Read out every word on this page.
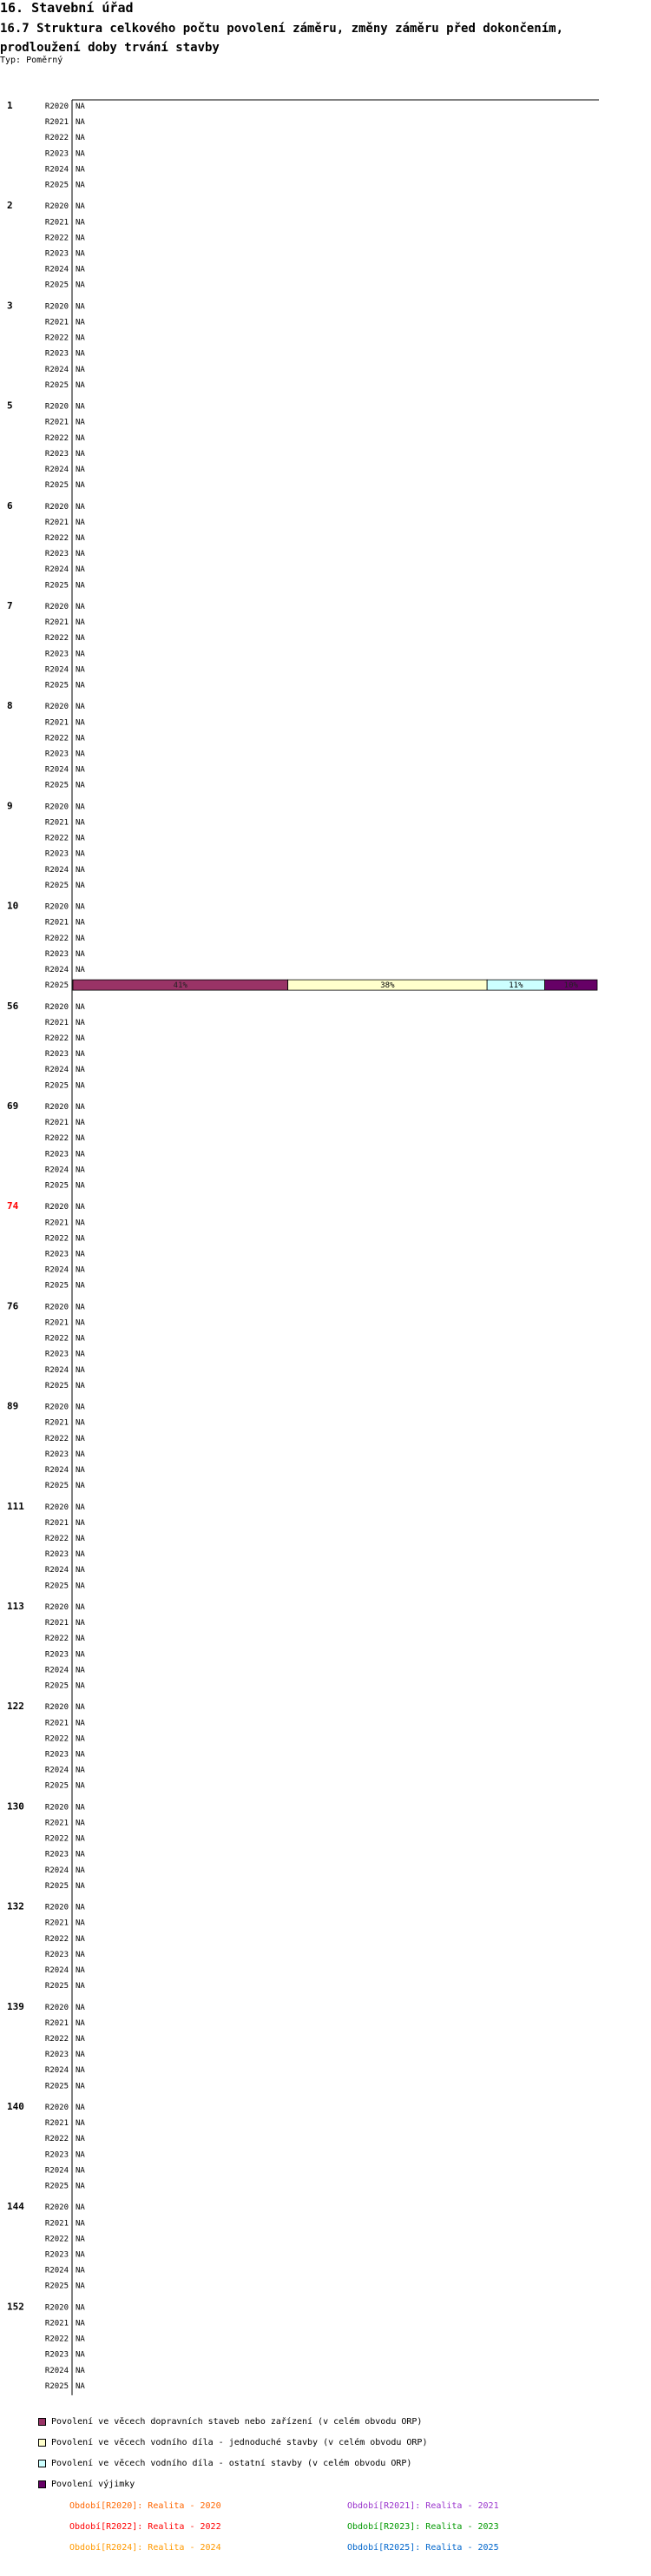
16. Stavební úřad
16.7 Struktura celkového počtu povolení záměru, změny záměru před dokončením, prodloužení doby trvání stavby
Typ: Poměrný
1	R2020 NA
R2021 NA
R2022 NA
R2023 NA
R2024 NA
R2025 NA
2	R2020 NA
R2021 NA
R2022 NA
R2023 NA
R2024 NA
R2025 NA
3	R2020 NA
R2021 NA
R2022 NA
R2023 NA
R2024 NA
R2025 NA
5	R2020 NA
R2021 NA
R2022 NA
R2023 NA
R2024 NA
R2025 NA
6	R2020 NA
R2021 NA
R2022 NA
R2023 NA
R2024 NA
R2025 NA
7	R2020 NA
R2021 NA
R2022 NA
R2023 NA
R2024 NA
R2025 NA
8	R2020 NA
R2021 NA
R2022 NA
R2023 NA
R2024 NA
R2025 NA
9	R2020 NA
R2021 NA
R2022 NA
R2023 NA
R2024 NA
R2025 NA
10	R2020 NA
R2021 NA
R2022 NA
R2023 NA
R2024 NA
R2025	41%	38%	11%	10%
56	R2020 NA
R2021 NA
R2022 NA
R2023 NA
R2024 NA
R2025 NA
69	R2020 NA
R2021 NA
R2022 NA
R2023 NA
R2024 NA
R2025 NA
74	R2020 NA
R2021 NA
R2022 NA
R2023 NA
R2024 NA
R2025 NA
76	R2020 NA
R2021 NA
R2022 NA
R2023 NA
R2024 NA
R2025 NA
89	R2020 NA
R2021 NA
R2022 NA
R2023 NA
R2024 NA
R2025 NA
111	R2020 NA
R2021 NA
R2022 NA
R2023 NA
R2024 NA
R2025 NA
113	R2020 NA
R2021 NA
R2022 NA
R2023 NA
R2024 NA
R2025 NA
122	R2020 NA
R2021 NA
R2022 NA
R2023 NA
R2024 NA
R2025 NA
130	R2020 NA
R2021 NA
R2022 NA
R2023 NA
R2024 NA
R2025 NA
132	R2020 NA
R2021 NA
R2022 NA
R2023 NA
R2024 NA
R2025 NA
139	R2020 NA
R2021 NA
R2022 NA
R2023 NA
R2024 NA
R2025 NA
140	R2020 NA
R2021 NA
R2022 NA
R2023 NA
R2024 NA
R2025 NA
144	R2020 NA
R2021 NA
R2022 NA
R2023 NA
R2024 NA
R2025 NA
152	R2020 NA
R2021 NA
R2022 NA
R2023 NA
R2024 NA
R2025 NA
Povolení ve věcech dopravních staveb nebo zařízení (v celém obvodu ORP)
Povolení ve věcech vodního díla - jednoduché stavby (v celém obvodu ORP)
Povolení ve věcech vodního díla - ostatní stavby (v celém obvodu ORP)
Povolení výjimky
Období[R2020]: Realita - 2020	Období[R2021]: Realita - 2021
Období[R2022]: Realita - 2022	Období[R2023]: Realita - 2023
Období[R2024]: Realita - 2024	Období[R2025]: Realita - 2025
